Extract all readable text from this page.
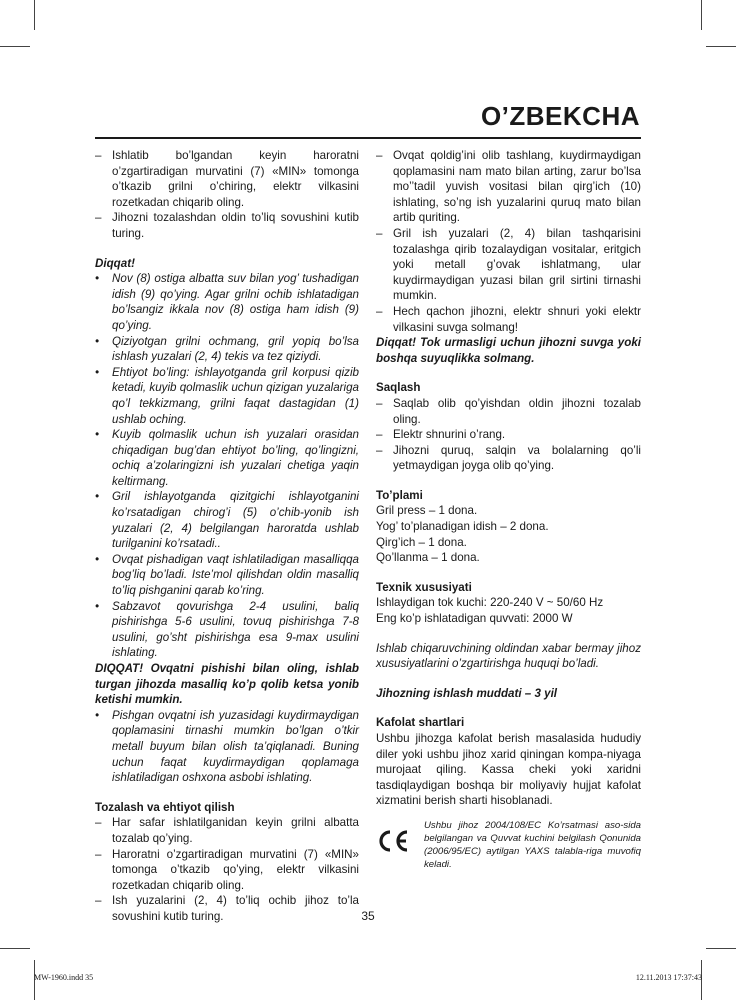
O’ZBEKCHA
– Ishlatib bo’lgandan keyin haroratni o’zgartiradigan murvatini (7) «MIN» tomonga o’tkazib grilni o’chiring, elektr vilkasini rozetkadan chiqarib oling.
– Jihozni tozalashdan oldin to’liq sovushini kutib turing.

Diqqat!

• Nov (8) ostiga albatta suv bilan yog’ tushadigan idish (9) qo’ying. Agar grilni ochib ishlatadigan bo’lsangiz ikkala nov (8) ostiga ham idish (9) qo’ying.
• Qiziyotgan grilni ochmang, gril yopiq bo’lsa ishlash yuzalari (2, 4) tekis va tez qiziydi.
• Ehtiyot bo’ling: ishlayotganda gril korpusi qizib ketadi, kuyib qolmaslik uchun qizigan yuzalariga qo’l tekkizmang, grilni faqat dastagidan (1) ushlab oching.
• Kuyib qolmaslik uchun ish yuzalari orasidan chiqadigan bug’dan ehtiyot bo’ling, qo’lingizni, ochiq a’zolaringizni ish yuzalari chetiga yaqin keltirmang.
• Gril ishlayotganda qizitgichi ishlayotganini ko’rsatadigan chirog’i (5) o’chib-yonib ish yuzalari (2, 4) belgilangan haroratda ushlab turilganini ko’rsatadi..
• Ovqat pishadigan vaqt ishlatiladigan masalliqqa bog’liq bo’ladi. Iste’mol qilishdan oldin masalliq to’liq pishganini qarab ko’ring.
• Sabzavot qovurishga 2-4 usulini, baliq pishirishga 5-6 usulini, tovuq pishirishga 7-8 usulini, go’sht pishirishga esa 9-max usulini ishlating.

DIQQAT! Ovqatni pishishi bilan oling, ishlab turgan jihozda masalliq ko’p qolib ketsa yonib ketishi mumkin.

• Pishgan ovqatni ish yuzasidagi kuydirmaydigan qoplamasini tirnashi mumkin bo’lgan o’tkir metall buyum bilan olish ta’qiqlanadi. Buning uchun faqat kuydirmaydigan qoplamaga ishlatiladigan oshxona asbobi ishlating.

Tozalash va ehtiyot qilish

– Har safar ishlatilganidan keyin grilni albatta tozalab qo’ying.
– Haroratni o’zgartiradigan murvatini (7) «MIN» tomonga o’tkazib qo’ying, elektr vilkasini rozetkadan chiqarib oling.
– Ish yuzalarini (2, 4) to’liq ochib jihoz to’la sovushini kutib turing.
– Ovqat qoldig’ini olib tashlang, kuydirmaydigan qoplamasini nam mato bilan arting, zarur bo’lsa mo’’tadil yuvish vositasi bilan qirg’ich (10) ishlating, so’ng ish yuzalarini quruq mato bilan artib quriting.
– Gril ish yuzalari (2, 4) bilan tashqarisini tozalashga qirib tozalaydigan vositalar, eritgich yoki metall g’ovak ishlatmang, ular kuydirmaydigan yuzasi bilan gril sirtini tirnashi mumkin.
– Hech qachon jihozni, elektr shnuri yoki elektr vilkasini suvga solmang!

Diqqat! Tok urmasligi uchun jihozni suvga yoki boshqa suyuqlikka solmang.

Saqlash

– Saqlab olib qo’yishdan oldin jihozni tozalab oling.
– Elektr shnurini o’rang.
– Jihozni quruq, salqin va bolalarning qo’li yetmaydigan joyga olib qo’ying.

To’plami

Gril press – 1 dona.

Yog’ to’planadigan idish – 2 dona.

Qirg’ich – 1 dona.

Qo’llanma – 1 dona.

Texnik xususiyati

Ishlaydigan tok kuchi: 220-240 V ~ 50/60 Hz

Eng ko’p ishlatadigan quvvati: 2000 W

Ishlab chiqaruvchining oldindan xabar bermay jihoz xususiyatlarini o’zgartirishga huquqi bo’ladi.

Jihozning ishlash muddati – 3 yil

Kafolat shartlari

Ushbu jihozga kafolat berish masalasida hududiy diler yoki ushbu jihoz xarid qiningan kompa-niyaga murojaat qiling. Kassa cheki yoki xaridni tasdiqlaydigan boshqa bir moliyaviy hujjat kafolat xizmatini berish sharti hisoblanadi.

Ushbu jihoz 2004/108/EC Ko’rsatmasi aso-sida belgilangan va Quvvat kuchini belgilash Qonunida (2006/95/EC) aytilgan YAXS talabla-riga muvofiq keladi.
35
MW-1960.indd 35	12.11.2013 17:37:43
